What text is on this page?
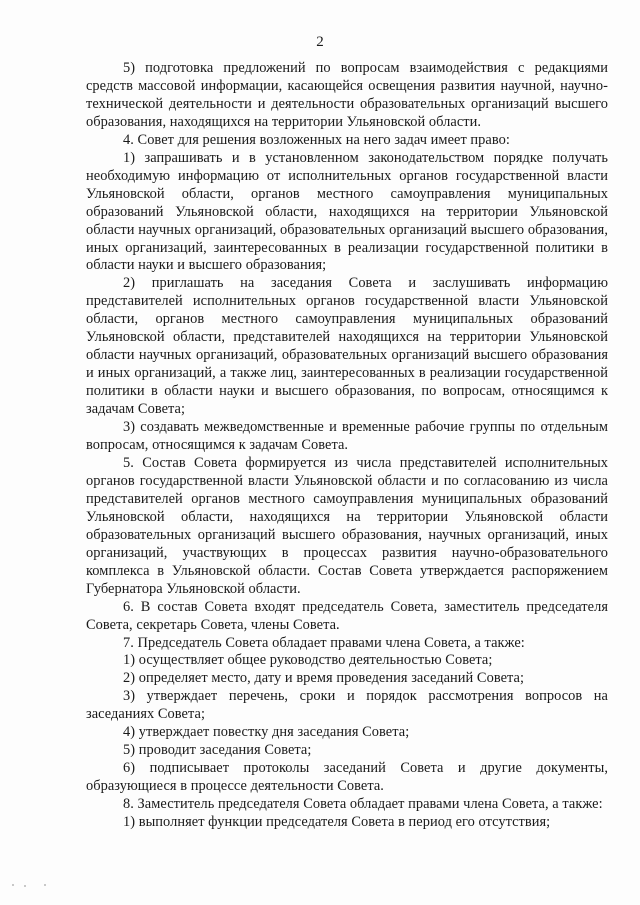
2

5) подготовка предложений по вопросам взаимодействия с редакциями средств массовой информации, касающейся освещения развития научной, научно-технической деятельности и деятельности образовательных организаций высшего образования, находящихся на территории Ульяновской области.

4. Совет для решения возложенных на него задач имеет право:

1) запрашивать и в установленном законодательством порядке получать необходимую информацию от исполнительных органов государственной власти Ульяновской области, органов местного самоуправления муниципальных образований Ульяновской области, находящихся на территории Ульяновской области научных организаций, образовательных организаций высшего образования, иных организаций, заинтересованных в реализации государственной политики в области науки и высшего образования;

2) приглашать на заседания Совета и заслушивать информацию представителей исполнительных органов государственной власти Ульяновской области, органов местного самоуправления муниципальных образований Ульяновской области, представителей находящихся на территории Ульяновской области научных организаций, образовательных организаций высшего образования и иных организаций, а также лиц, заинтересованных в реализации государственной политики в области науки и высшего образования, по вопросам, относящимся к задачам Совета;

3) создавать межведомственные и временные рабочие группы по отдельным вопросам, относящимся к задачам Совета.

5. Состав Совета формируется из числа представителей исполнительных органов государственной власти Ульяновской области и по согласованию из числа представителей органов местного самоуправления муниципальных образований Ульяновской области, находящихся на территории Ульяновской области образовательных организаций высшего образования, научных организаций, иных организаций, участвующих в процессах развития научно-образовательного комплекса в Ульяновской области. Состав Совета утверждается распоряжением Губернатора Ульяновской области.

6. В состав Совета входят председатель Совета, заместитель председателя Совета, секретарь Совета, члены Совета.

7. Председатель Совета обладает правами члена Совета, а также:

1) осуществляет общее руководство деятельностью Совета;

2) определяет место, дату и время проведения заседаний Совета;

3) утверждает перечень, сроки и порядок рассмотрения вопросов на заседаниях Совета;

4) утверждает повестку дня заседания Совета;

5) проводит заседания Совета;

6) подписывает протоколы заседаний Совета и другие документы, образующиеся в процессе деятельности Совета.

8. Заместитель председателя Совета обладает правами члена Совета, а также:

1) выполняет функции председателя Совета в период его отсутствия;
